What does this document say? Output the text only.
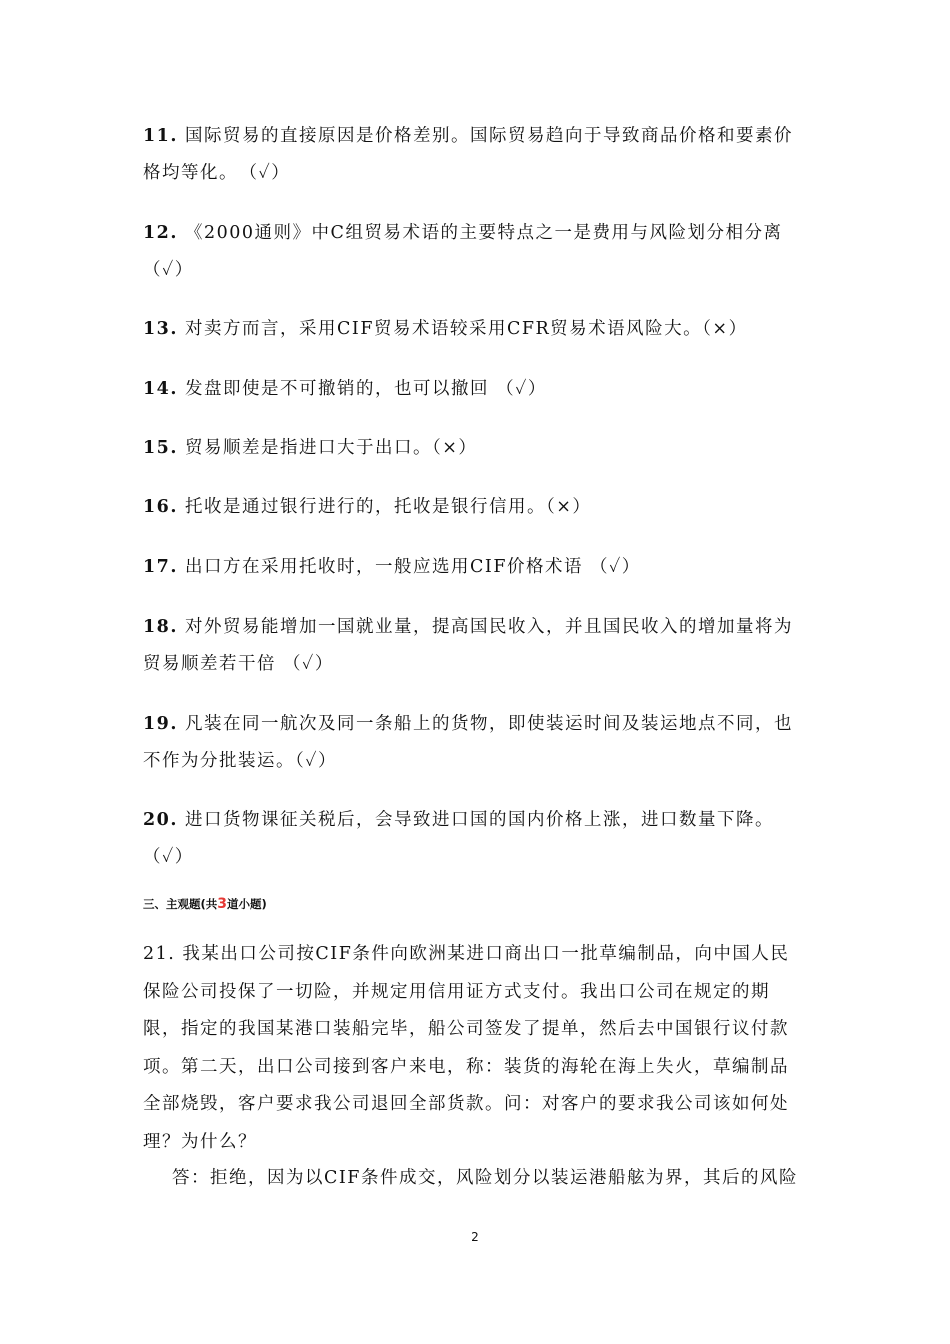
11. 国际贸易的直接原因是价格差别。国际贸易趋向于导致商品价格和要素价格均等化。　（✓）
12. 《2000通则》中C组贸易术语的主要特点之一是费用与风险划分相分离（✓）
13. 对卖方而言，采用CIF贸易术语较采用CFR贸易术语风险大。（×）
14. 发盘即使是不可撤销的，也可以撤回 （✓）
15. 贸易顺差是指进口大于出口。（×）
16. 托收是通过银行进行的，托收是银行信用。（×）
17. 出口方在采用托收时，一般应选用CIF价格术语 （✓）
18. 对外贸易能增加一国就业量，提高国民收入，并且国民收入的增加量将为贸易顺差若干倍 （✓）
19. 凡装在同一航次及同一条船上的货物，即使装运时间及装运地点不同，也不作为分批装运。（✓）
20. 进口货物课征关税后，会导致进口国的国内价格上涨，进口数量下降。（✓）
三、主观题(共3道小题)
21. 我某出口公司按CIF条件向欧洲某进口商出口一批草编制品，向中国人民保险公司投保了一切险，并规定用信用证方式支付。我出口公司在规定的期限，指定的我国某港口装船完毕，船公司签发了提单，然后去中国银行议付款项。第二天，出口公司接到客户来电，称：装货的海轮在海上失火，草编制品全部烧毁，客户要求我公司退回全部货款。问：对客户的要求我公司该如何处理？为什么？
答：拒绝，因为以CIF条件成交，风险划分以装运港船舷为界，其后的风险
2
